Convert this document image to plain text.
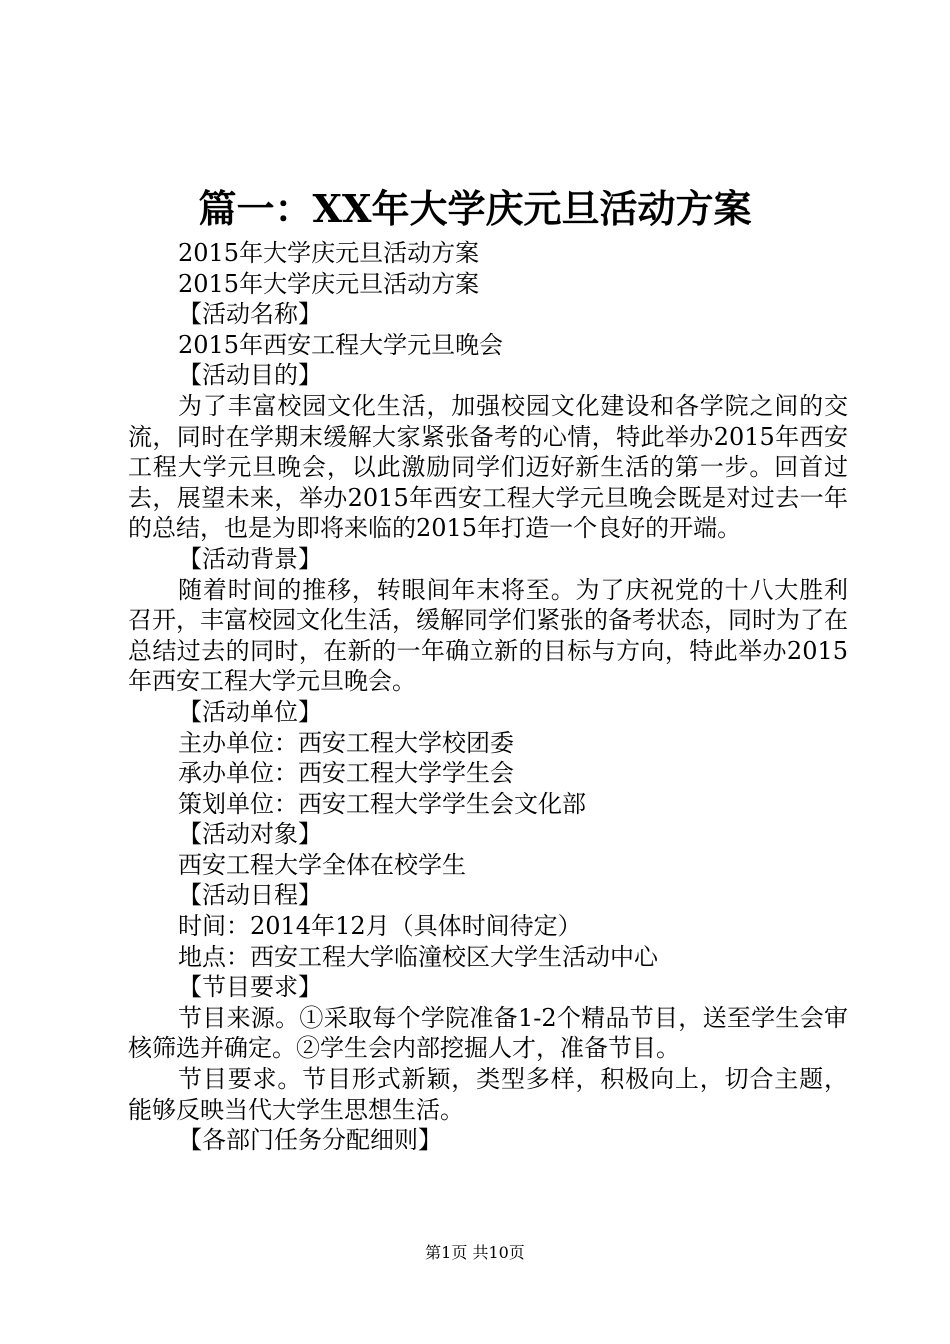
篇一：XX年大学庆元旦活动方案

2015年大学庆元旦活动方案

2015年大学庆元旦活动方案

【活动名称】

2015年西安工程大学元旦晚会

【活动目的】

为了丰富校园文化生活，加强校园文化建设和各学院之间的交流，同时在学期末缓解大家紧张备考的心情，特此举办2015年西安工程大学元旦晚会，以此激励同学们迈好新生活的第一步。回首过去，展望未来，举办2015年西安工程大学元旦晚会既是对过去一年的总结，也是为即将来临的2015年打造一个良好的开端。

【活动背景】

随着时间的推移，转眼间年末将至。为了庆祝党的十八大胜利召开，丰富校园文化生活，缓解同学们紧张的备考状态，同时为了在总结过去的同时，在新的一年确立新的目标与方向，特此举办2015年西安工程大学元旦晚会。

【活动单位】

主办单位：西安工程大学校团委

承办单位：西安工程大学学生会

策划单位：西安工程大学学生会文化部

【活动对象】

西安工程大学全体在校学生

【活动日程】

时间：2014年12月（具体时间待定）

地点：西安工程大学临潼校区大学生活动中心

【节目要求】

节目来源。①采取每个学院准备1-2个精品节目，送至学生会审核筛选并确定。②学生会内部挖掘人才，准备节目。

节目要求。节目形式新颖，类型多样，积极向上，切合主题，能够反映当代大学生思想生活。

【各部门任务分配细则】

第1页 共10页
